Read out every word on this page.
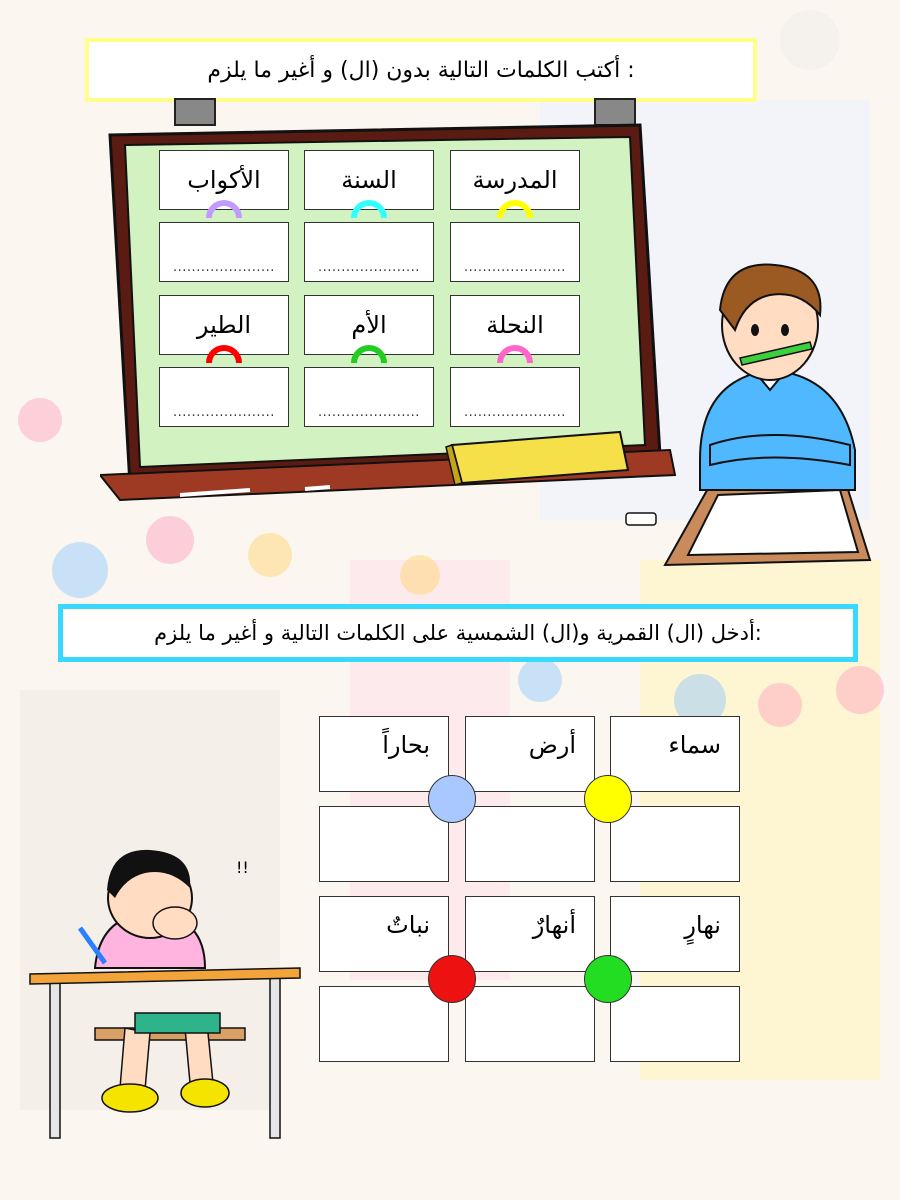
: أكتب الكلمات التالية بدون (ال) و أغير ما يلزم
المدرسة
السنة
الأكواب
......................
......................
......................
النحلة
الأم
الطير
......................
......................
......................
:أدخل (ال) القمرية و(ال) الشمسية على الكلمات التالية و أغير ما يلزم
سماء
أرض
بحاراً
نهارٍ
أنهارٌ
نباتٌ
!!
